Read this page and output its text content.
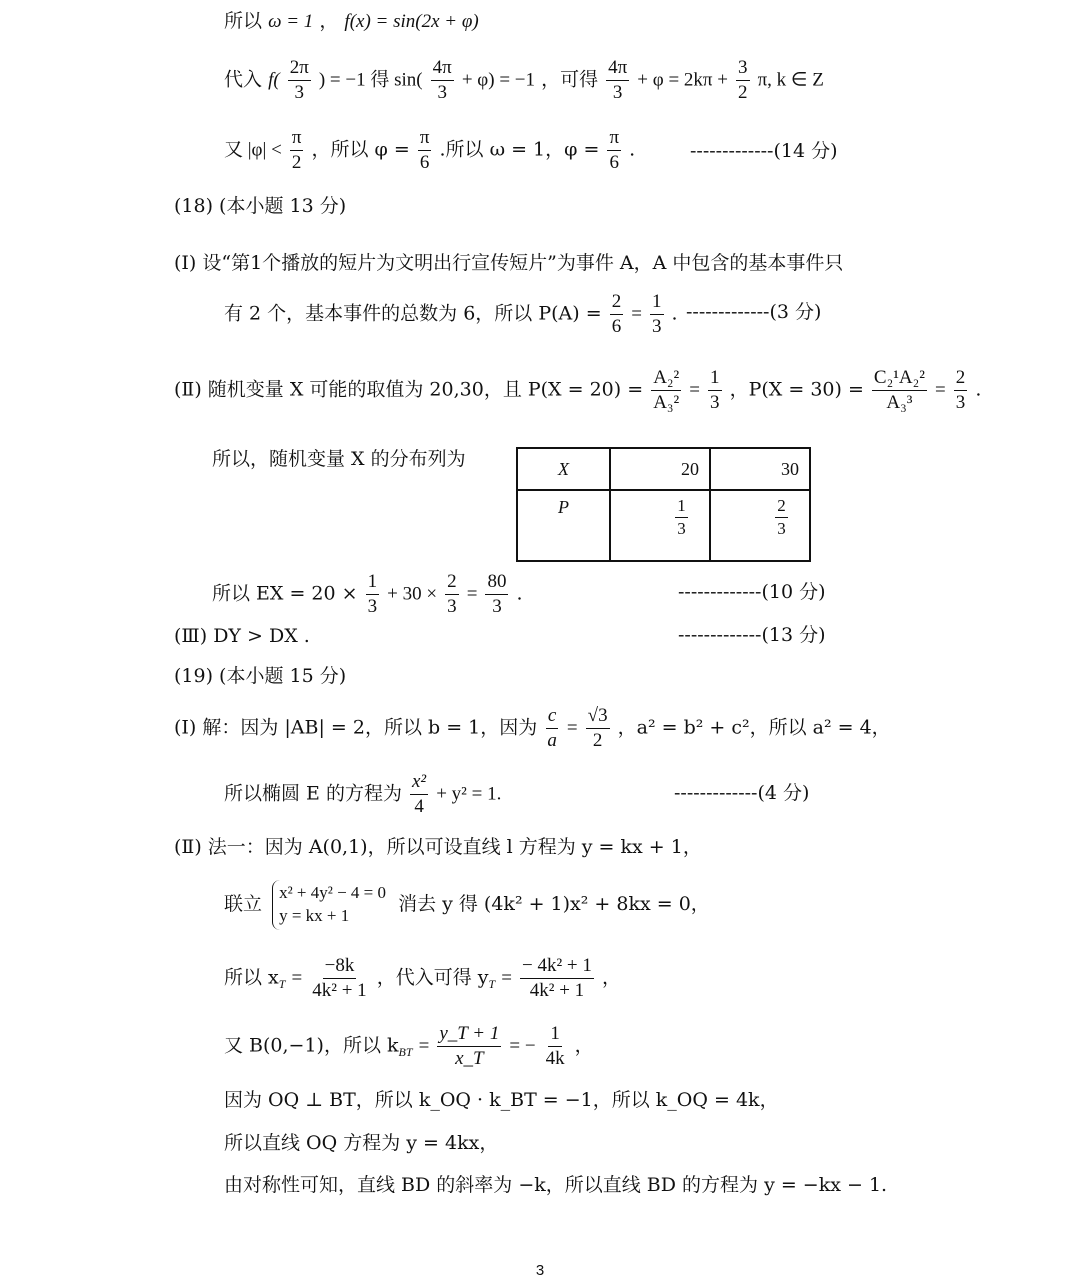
所以 ω = 1 ， f(x) = sin(2x + φ)
代入 $f( \frac{2\pi}{3}$ ) = −1 得 $\sin( \frac{4\pi}{3} + \varphi) = -1$ ，可得 $\frac{4\pi}{3} + \varphi = 2k\pi + \frac{3}{2} \pi$, k ∈ Z
又 $|\varphi| < \frac{\pi}{2}$ ，所以 $\varphi = \frac{\pi}{6}$ .所以 ω = 1，$\varphi = \frac{\pi}{6}$ .	-------------(14 分)
(18) (本小题 13 分)
(Ⅰ) 设“第1个播放的短片为文明出行宣传短片”为事件 A，A 中包含的基本事件只
有 2 个，基本事件的总数为 6，所以 $P(A) = \frac{2}{6} = \frac{1}{3}$ . -------------(3 分)
(Ⅱ) 随机变量 X 可能的取值为 20,30，且 $P(X = 20) = \frac{\text{A₂²}}{\text{A₃²}} = \frac{1}{3}$ ，$P(X = 30) = \frac{\text{C₂¹A₂²}}{\text{A₃³}} = \frac{2}{3}$ .
所以，随机变量 X 的分布列为	X	20	30
P	$\frac{1}{3}$	$\frac{2}{3}$
所以 EX = $20 \times \frac{1}{3} + 30 \times \frac{2}{3} = \frac{80}{3}$ .	-------------(10 分)
(Ⅲ) DY > DX .	-------------(13 分)
(19) (本小题 15 分)
(Ⅰ) 解：因为 |AB| = 2，所以 b = 1，因为 $\frac{c}{a} = \frac{√3}{2}$ ，a² = b² + c²，所以 a² = 4，
所以椭圆 E 的方程为 $\frac{\text{x²}}{4} + y^2 = 1$.	-------------(4 分)
(Ⅱ) 法一：因为 A(0,1)，所以可设直线 l 方程为 y = kx + 1，
联立
x² + 4y² − 4 = 0
y = kx + 1
消去 y 得 (4k² + 1)x² + 8kx = 0，
所以 $x_T = \frac{-8k}{\text{4k² + 1}}$ ，代入可得 $y_T = \frac{\text{− 4k² + 1}}{\text{4k² + 1}}$ ，
又 B(0,−1)，所以 $k_{BT} = \frac{y\_T + 1}{x\_T}$ = − $\frac{1}{4k}$ ，
因为 OQ ⊥ BT，所以 k_OQ · k_BT = −1，所以 k_OQ = 4k，
所以直线 OQ 方程为 y = 4kx，
由对称性可知，直线 BD 的斜率为 −k，所以直线 BD 的方程为 y = −kx − 1.
3
